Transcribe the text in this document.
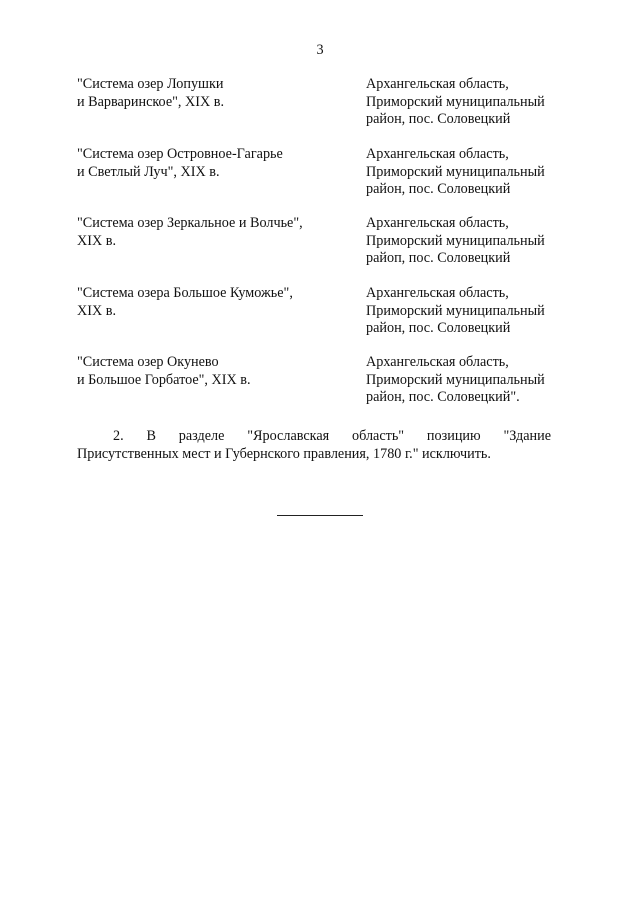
3
"Система озер Лопушки
и Варваринское", XIX в.
Архангельская область,
Приморский муниципальный
район, пос. Соловецкий
"Система озер Островное-Гагарье
и Светлый Луч", XIX в.
Архангельская область,
Приморский муниципальный
район, пос. Соловецкий
"Система озер Зеркальное и Волчье",
XIX в.
Архангельская область,
Приморский муниципальный
райоп, пос. Соловецкий
"Система озера Большое Куможье",
XIX в.
Архангельская область,
Приморский муниципальный
район, пос. Соловецкий
"Система озер Окунево
и Большое Горбатое", XIX в.
Архангельская область,
Приморский муниципальный
район, пос. Соловецкий".
2. В разделе "Ярославская область" позицию "Здание
Присутственных мест и Губернского правления, 1780 г." исключить.
